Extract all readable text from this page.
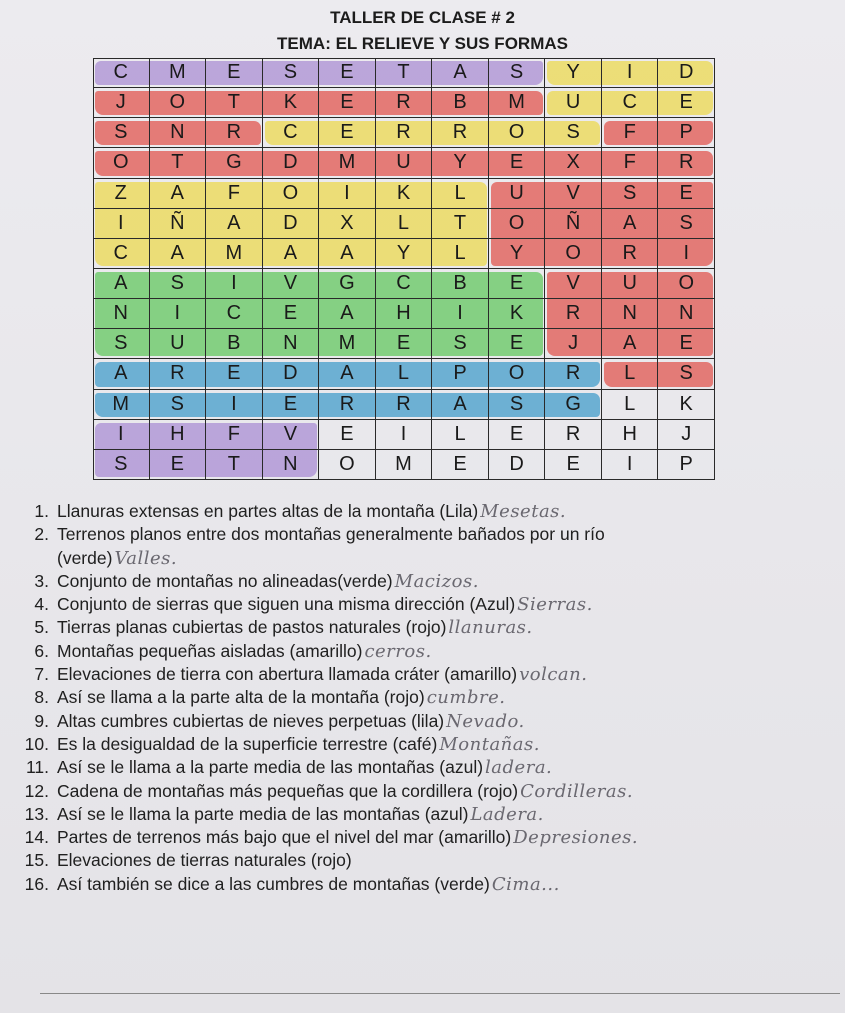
TALLER DE CLASE # 2
TEMA: EL RELIEVE Y SUS FORMAS
C	M	E	S	E	T	A	S	Y	I	D
J	O	T	K	E	R	B	M	U	C	E
S	N	R	C	E	R	R	O	S	F	P
O	T	G	D	M	U	Y	E	X	F	R
Z	A	F	O	I	K	L	U	V	S	E
I	Ñ	A	D	X	L	T	O	Ñ	A	S
C	A	M	A	A	Y	L	Y	O	R	I
A	S	I	V	G	C	B	E	V	U	O
N	I	C	E	A	H	I	K	R	N	N
S	U	B	N	M	E	S	E	J	A	E
A	R	E	D	A	L	P	O	R	L	S
M	S	I	E	R	R	A	S	G	L	K
I	H	F	V	E	I	L	E	R	H	J
S	E	T	N	O	M	E	D	E	I	P
1. Llanuras extensas en partes altas de la montaña (Lila) Mesetas.
2. Terrenos planos entre dos montañas generalmente bañados por un río
(verde) Valles.
3. Conjunto de montañas no alineadas(verde) Macizos.
4. Conjunto de sierras que siguen una misma dirección (Azul) Sierras.
5. Tierras planas cubiertas de pastos naturales (rojo) llanuras.
6. Montañas pequeñas aisladas (amarillo) cerros.
7. Elevaciones de tierra con abertura llamada cráter (amarillo) volcan.
8. Así se llama a la parte alta de la montaña (rojo) cumbre.
9. Altas cumbres cubiertas de nieves perpetuas (lila) Nevado.
10. Es la desigualdad de la superficie terrestre (café) Montañas.
11. Así se le llama a la parte media de las montañas (azul) ladera.
12. Cadena de montañas más pequeñas que la cordillera (rojo) Cordilleras.
13. Así se le llama la parte media de las montañas (azul) Ladera.
14. Partes de terrenos más bajo que el nivel del mar (amarillo) Depresiones.
15. Elevaciones de tierras naturales (rojo)
16. Así también se dice a las cumbres de montañas (verde) Cima...
